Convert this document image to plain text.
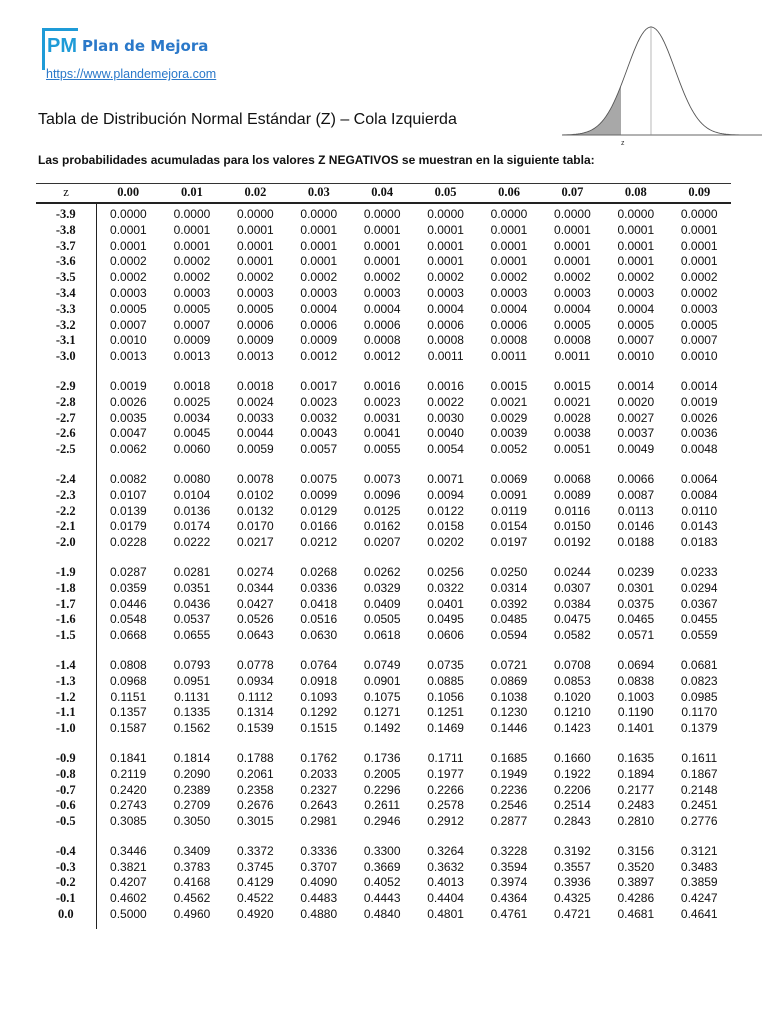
PM Plan de Mejora
https://www.plandemejora.com
z
Tabla de Distribución Normal Estándar (Z) – Cola Izquierda
Las probabilidades acumuladas para los valores Z NEGATIVOS se muestran en la siguiente tabla:
z	0.00	0.01	0.02	0.03	0.04	0.05	0.06	0.07	0.08	0.09
-3.9	0.0000	0.0000	0.0000	0.0000	0.0000	0.0000	0.0000	0.0000	0.0000	0.0000
-3.8	0.0001	0.0001	0.0001	0.0001	0.0001	0.0001	0.0001	0.0001	0.0001	0.0001
-3.7	0.0001	0.0001	0.0001	0.0001	0.0001	0.0001	0.0001	0.0001	0.0001	0.0001
-3.6	0.0002	0.0002	0.0001	0.0001	0.0001	0.0001	0.0001	0.0001	0.0001	0.0001
-3.5	0.0002	0.0002	0.0002	0.0002	0.0002	0.0002	0.0002	0.0002	0.0002	0.0002
-3.4	0.0003	0.0003	0.0003	0.0003	0.0003	0.0003	0.0003	0.0003	0.0003	0.0002
-3.3	0.0005	0.0005	0.0005	0.0004	0.0004	0.0004	0.0004	0.0004	0.0004	0.0003
-3.2	0.0007	0.0007	0.0006	0.0006	0.0006	0.0006	0.0006	0.0005	0.0005	0.0005
-3.1	0.0010	0.0009	0.0009	0.0009	0.0008	0.0008	0.0008	0.0008	0.0007	0.0007
-3.0	0.0013	0.0013	0.0013	0.0012	0.0012	0.0011	0.0011	0.0011	0.0010	0.0010

-2.9	0.0019	0.0018	0.0018	0.0017	0.0016	0.0016	0.0015	0.0015	0.0014	0.0014
-2.8	0.0026	0.0025	0.0024	0.0023	0.0023	0.0022	0.0021	0.0021	0.0020	0.0019
-2.7	0.0035	0.0034	0.0033	0.0032	0.0031	0.0030	0.0029	0.0028	0.0027	0.0026
-2.6	0.0047	0.0045	0.0044	0.0043	0.0041	0.0040	0.0039	0.0038	0.0037	0.0036
-2.5	0.0062	0.0060	0.0059	0.0057	0.0055	0.0054	0.0052	0.0051	0.0049	0.0048

-2.4	0.0082	0.0080	0.0078	0.0075	0.0073	0.0071	0.0069	0.0068	0.0066	0.0064
-2.3	0.0107	0.0104	0.0102	0.0099	0.0096	0.0094	0.0091	0.0089	0.0087	0.0084
-2.2	0.0139	0.0136	0.0132	0.0129	0.0125	0.0122	0.0119	0.0116	0.0113	0.0110
-2.1	0.0179	0.0174	0.0170	0.0166	0.0162	0.0158	0.0154	0.0150	0.0146	0.0143
-2.0	0.0228	0.0222	0.0217	0.0212	0.0207	0.0202	0.0197	0.0192	0.0188	0.0183

-1.9	0.0287	0.0281	0.0274	0.0268	0.0262	0.0256	0.0250	0.0244	0.0239	0.0233
-1.8	0.0359	0.0351	0.0344	0.0336	0.0329	0.0322	0.0314	0.0307	0.0301	0.0294
-1.7	0.0446	0.0436	0.0427	0.0418	0.0409	0.0401	0.0392	0.0384	0.0375	0.0367
-1.6	0.0548	0.0537	0.0526	0.0516	0.0505	0.0495	0.0485	0.0475	0.0465	0.0455
-1.5	0.0668	0.0655	0.0643	0.0630	0.0618	0.0606	0.0594	0.0582	0.0571	0.0559

-1.4	0.0808	0.0793	0.0778	0.0764	0.0749	0.0735	0.0721	0.0708	0.0694	0.0681
-1.3	0.0968	0.0951	0.0934	0.0918	0.0901	0.0885	0.0869	0.0853	0.0838	0.0823
-1.2	0.1151	0.1131	0.1112	0.1093	0.1075	0.1056	0.1038	0.1020	0.1003	0.0985
-1.1	0.1357	0.1335	0.1314	0.1292	0.1271	0.1251	0.1230	0.1210	0.1190	0.1170
-1.0	0.1587	0.1562	0.1539	0.1515	0.1492	0.1469	0.1446	0.1423	0.1401	0.1379

-0.9	0.1841	0.1814	0.1788	0.1762	0.1736	0.1711	0.1685	0.1660	0.1635	0.1611
-0.8	0.2119	0.2090	0.2061	0.2033	0.2005	0.1977	0.1949	0.1922	0.1894	0.1867
-0.7	0.2420	0.2389	0.2358	0.2327	0.2296	0.2266	0.2236	0.2206	0.2177	0.2148
-0.6	0.2743	0.2709	0.2676	0.2643	0.2611	0.2578	0.2546	0.2514	0.2483	0.2451
-0.5	0.3085	0.3050	0.3015	0.2981	0.2946	0.2912	0.2877	0.2843	0.2810	0.2776

-0.4	0.3446	0.3409	0.3372	0.3336	0.3300	0.3264	0.3228	0.3192	0.3156	0.3121
-0.3	0.3821	0.3783	0.3745	0.3707	0.3669	0.3632	0.3594	0.3557	0.3520	0.3483
-0.2	0.4207	0.4168	0.4129	0.4090	0.4052	0.4013	0.3974	0.3936	0.3897	0.3859
-0.1	0.4602	0.4562	0.4522	0.4483	0.4443	0.4404	0.4364	0.4325	0.4286	0.4247
0.0	0.5000	0.4960	0.4920	0.4880	0.4840	0.4801	0.4761	0.4721	0.4681	0.4641
